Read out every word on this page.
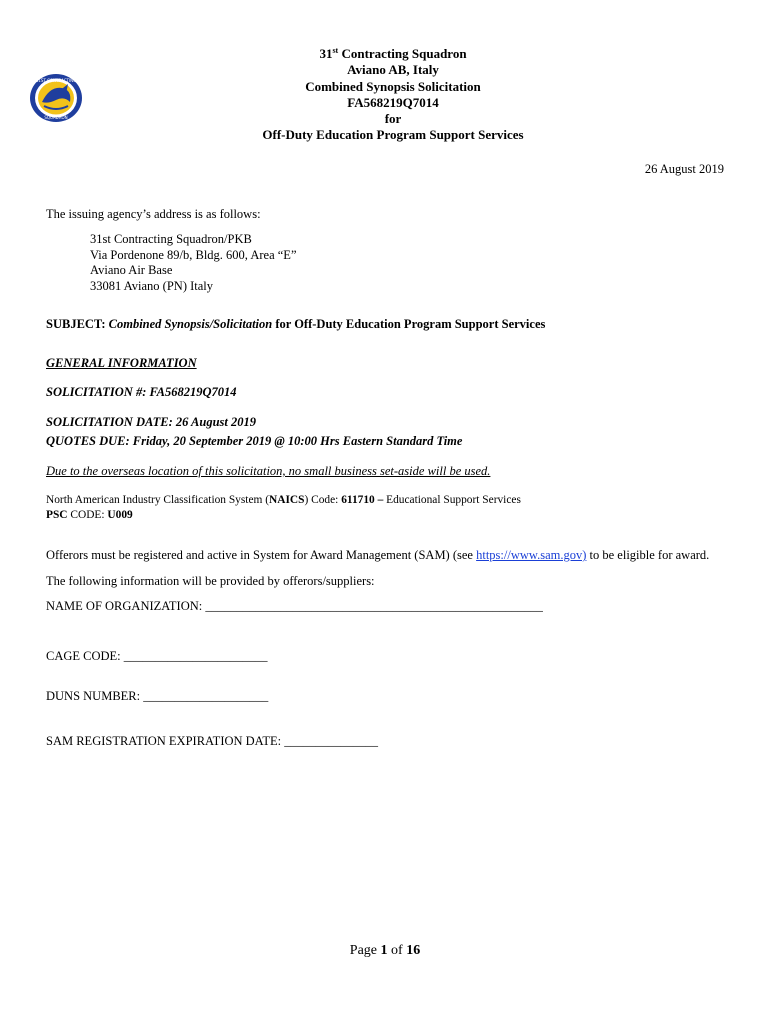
31ST CONTRACTING
SQUADRON
31st Contracting Squadron
Aviano AB, Italy
Combined Synopsis Solicitation
FA568219Q7014
for
Off-Duty Education Program Support Services
26 August 2019
The issuing agency’s address is as follows:
31st Contracting Squadron/PKB
Via Pordenone 89/b, Bldg. 600, Area “E”
Aviano Air Base
33081 Aviano (PN) Italy
SUBJECT: Combined Synopsis/Solicitation for Off-Duty Education Program Support Services
GENERAL INFORMATION
SOLICITATION #: FA568219Q7014
SOLICITATION DATE: 26 August 2019
QUOTES DUE: Friday, 20 September 2019 @ 10:00 Hrs Eastern Standard Time
Due to the overseas location of this solicitation, no small business set-aside will be used.
North American Industry Classification System (NAICS) Code: 611710 – Educational Support Services
PSC CODE: U009
Offerors must be registered and active in System for Award Management (SAM) (see https://www.sam.gov) to be eligible for award.
The following information will be provided by offerors/suppliers:
NAME OF ORGANIZATION: ______________________________________________________
CAGE CODE: _______________________
DUNS NUMBER: ____________________
SAM REGISTRATION EXPIRATION DATE: _______________
Page 1 of 16
